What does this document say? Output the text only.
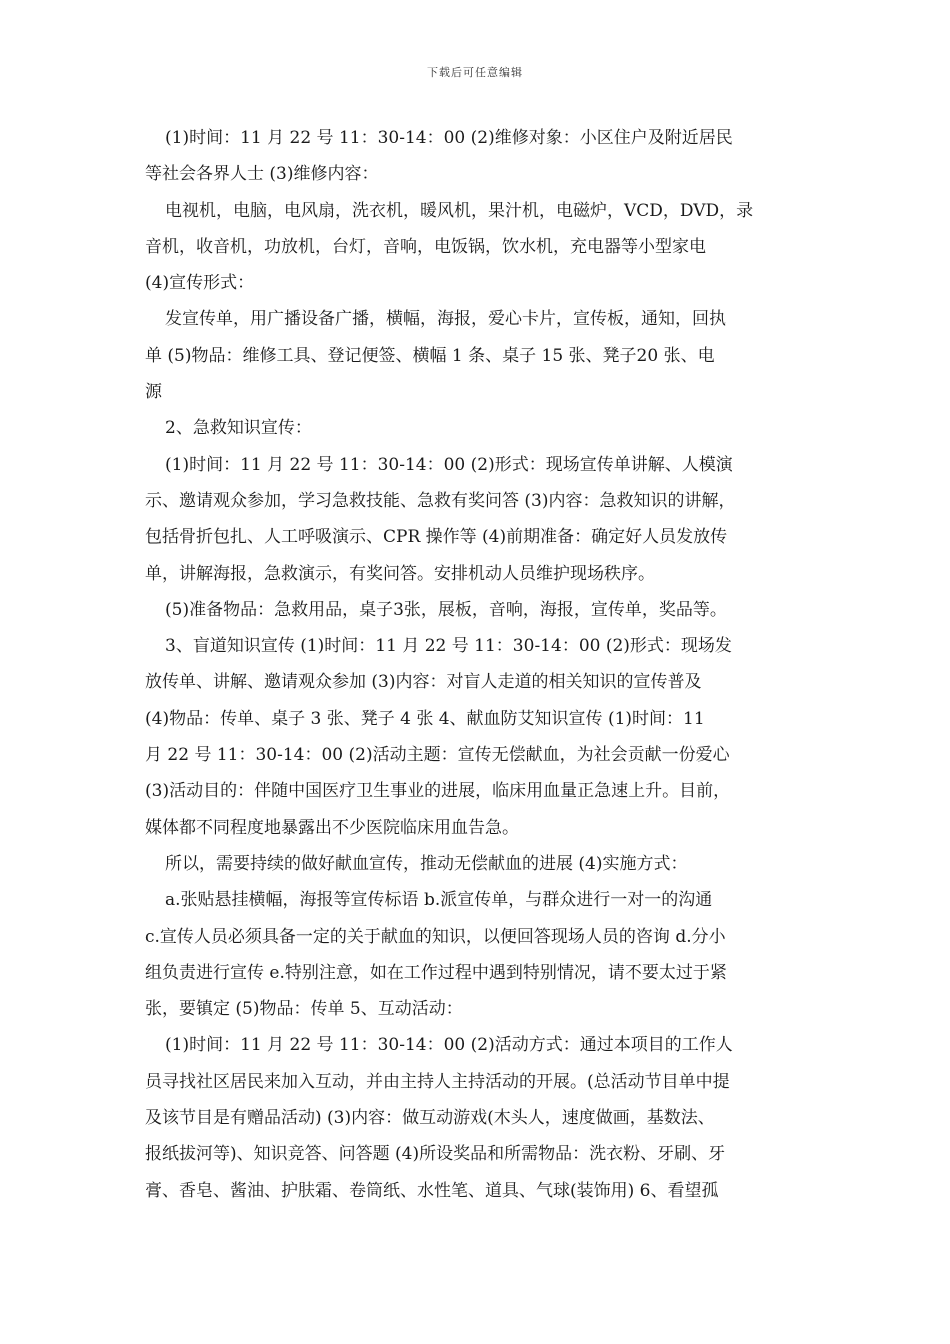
下载后可任意编辑
(1)时间：11 月 22 号 11：30-14：00 (2)维修对象：小区住户及附近居民
等社会各界人士 (3)维修内容：
电视机，电脑，电风扇，洗衣机，暖风机，果汁机，电磁炉，VCD，DVD，录
音机，收音机，功放机，台灯，音响，电饭锅，饮水机，充电器等小型家电
(4)宣传形式：
发宣传单，用广播设备广播，横幅，海报，爱心卡片，宣传板，通知，回执
单 (5)物品：维修工具、登记便签、横幅 1 条、桌子 15 张、凳子20 张、电
源
2、急救知识宣传：
(1)时间：11 月 22 号 11：30-14：00 (2)形式：现场宣传单讲解、人模演
示、邀请观众参加，学习急救技能、急救有奖问答 (3)内容：急救知识的讲解，
包括骨折包扎、人工呼吸演示、CPR 操作等 (4)前期准备：确定好人员发放传
单，讲解海报，急救演示，有奖问答。安排机动人员维护现场秩序。
(5)准备物品：急救用品，桌子3张，展板，音响，海报，宣传单，奖品等。
3、盲道知识宣传 (1)时间：11 月 22 号 11：30-14：00 (2)形式：现场发
放传单、讲解、邀请观众参加 (3)内容：对盲人走道的相关知识的宣传普及
(4)物品：传单、桌子 3 张、凳子 4 张 4、献血防艾知识宣传 (1)时间：11
月 22 号 11：30-14：00 (2)活动主题：宣传无偿献血，为社会贡献一份爱心
(3)活动目的：伴随中国医疗卫生事业的进展，临床用血量正急速上升。目前，
媒体都不同程度地暴露出不少医院临床用血告急。
所以，需要持续的做好献血宣传，推动无偿献血的进展 (4)实施方式：
a.张贴悬挂横幅，海报等宣传标语 b.派宣传单，与群众进行一对一的沟通
c.宣传人员必须具备一定的关于献血的知识，以便回答现场人员的咨询 d.分小
组负责进行宣传 e.特别注意，如在工作过程中遇到特别情况，请不要太过于紧
张，要镇定 (5)物品：传单 5、互动活动：
(1)时间：11 月 22 号 11：30-14：00 (2)活动方式：通过本项目的工作人
员寻找社区居民来加入互动，并由主持人主持活动的开展。(总活动节目单中提
及该节目是有赠品活动) (3)内容：做互动游戏(木头人，速度做画，基数法、
报纸拔河等)、知识竞答、问答题 (4)所设奖品和所需物品：洗衣粉、牙刷、牙
膏、香皂、酱油、护肤霜、卷筒纸、水性笔、道具、气球(装饰用) 6、看望孤
